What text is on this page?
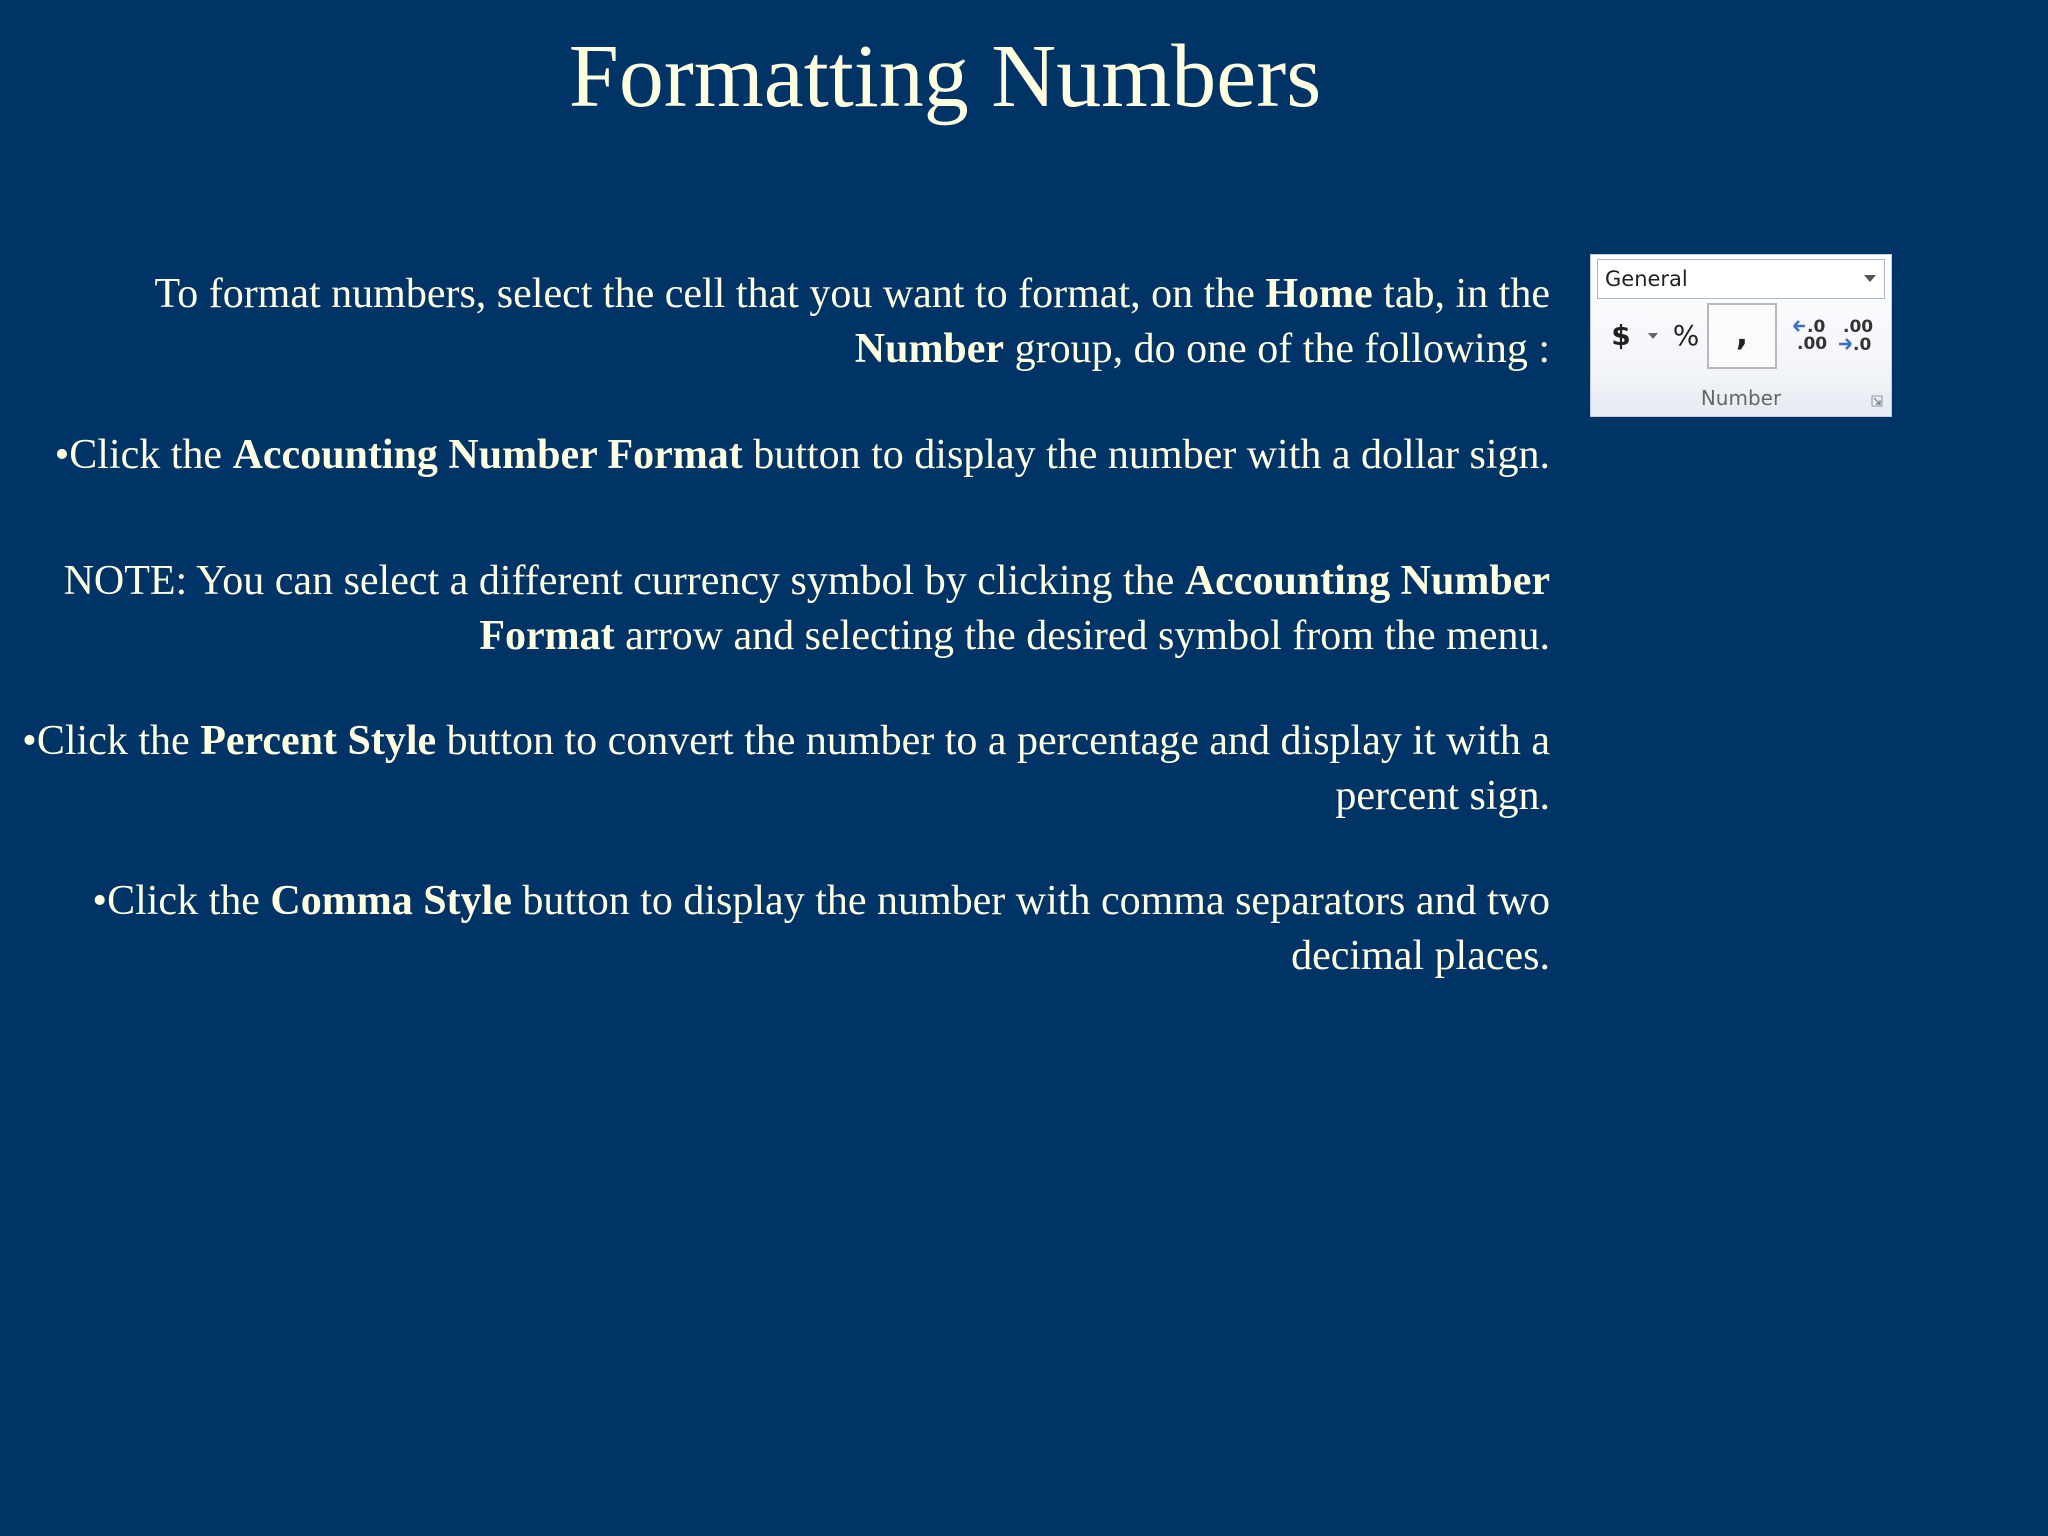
Formatting Numbers

To format numbers, select the cell that you want to format, on the Home tab, in the Number group, do one of the following :

•Click the Accounting Number Format button to display the number with a dollar sign.

NOTE: You can select a different currency symbol by clicking the Accounting Number Format arrow and selecting the desired symbol from the menu.

•Click the Percent Style button to convert the number to a percentage and display it with a percent sign.

•Click the Comma Style button to display the number with comma separators and two decimal places.

General
$	%	,	.0
.00
.00
.0
Number
